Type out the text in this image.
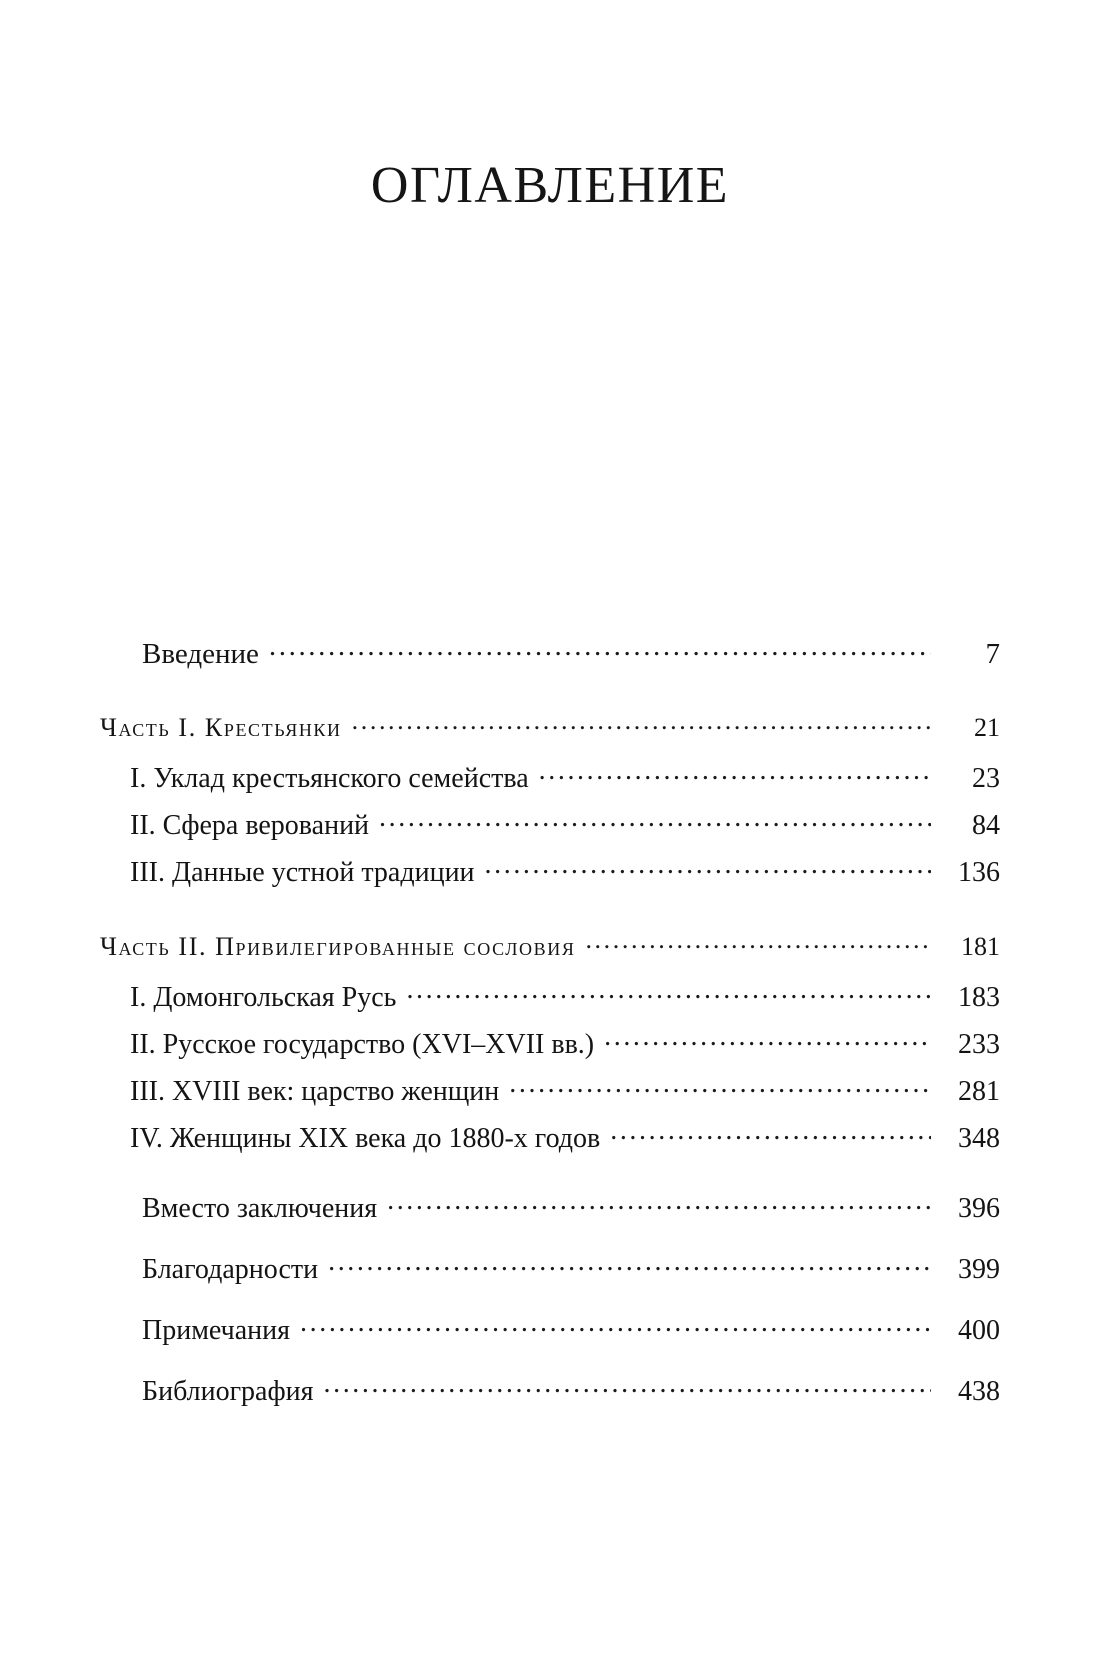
ОГЛАВЛЕНИЕ
Введение .....	7
Часть I. Крестьянки .....	21
I. Уклад крестьянского семейства .....	23
II. Сфера верований .....	84
III. Данные устной традиции .....	136
Часть II. Привилегированные сословия .....	181
I. Домонгольская Русь .....	183
II. Русское государство (XVI–XVII вв.) .....	233
III. XVIII век: царство женщин .....	281
IV. Женщины XIX века до 1880-х годов .....	348
Вместо заключения .....	396
Благодарности .....	399
Примечания .....	400
Библиография .....	438
